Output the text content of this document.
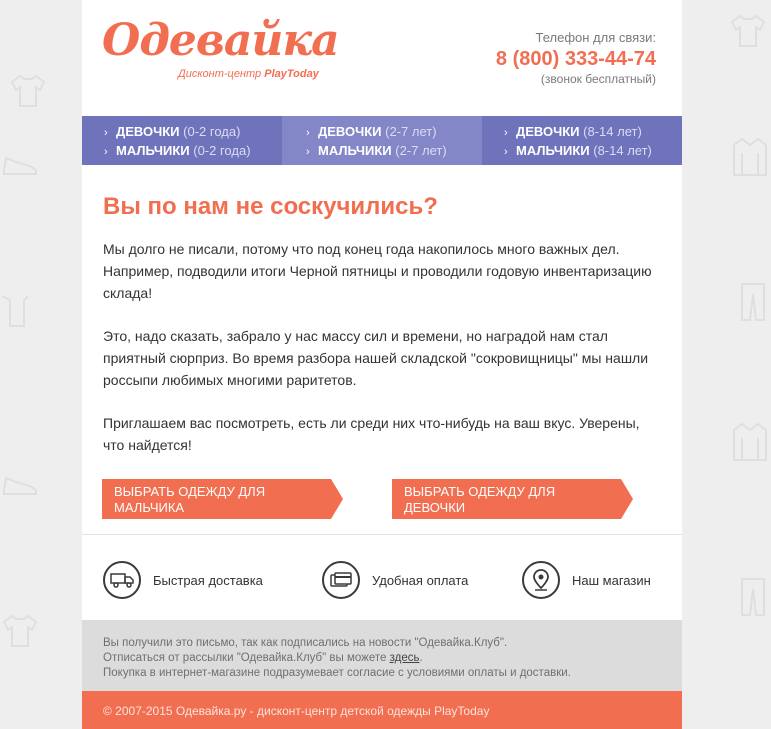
Одевайка
Дисконт-центр PlayToday
Телефон для связи:
8 (800) 333-44-74
(звонок бесплатный)
› ДЕВОЧКИ (0-2 года)
› МАЛЬЧИКИ (0-2 года)
› ДЕВОЧКИ (2-7 лет)
› МАЛЬЧИКИ (2-7 лет)
› ДЕВОЧКИ (8-14 лет)
› МАЛЬЧИКИ (8-14 лет)
Вы по нам не соскучились?

Мы долго не писали, потому что под конец года накопилось много важных дел. Например, подводили итоги Черной пятницы и проводили годовую инвентаризацию склада!

Это, надо сказать, забрало у нас массу сил и времени, но наградой нам стал приятный сюрприз. Во время разбора нашей складской "сокровищницы" мы нашли россыпи любимых многими раритетов.

Приглашаем вас посмотреть, есть ли среди них что-нибудь на ваш вкус. Уверены, что найдется!

ВЫБРАТЬ ОДЕЖДУ ДЛЯ
МАЛЬЧИКА
ВЫБРАТЬ ОДЕЖДУ ДЛЯ
ДЕВОЧКИ
Быстрая доставка	Удобная оплата	Наш магазин
Вы получили это письмо, так как подписались на новости "Одевайка.Клуб".
Отписаться от рассылки "Одевайка.Клуб" вы можете здесь.
Покупка в интернет-магазине подразумевает согласие с условиями оплаты и доставки.
© 2007-2015 Одевайка.ру - дисконт-центр детской одежды PlayToday
